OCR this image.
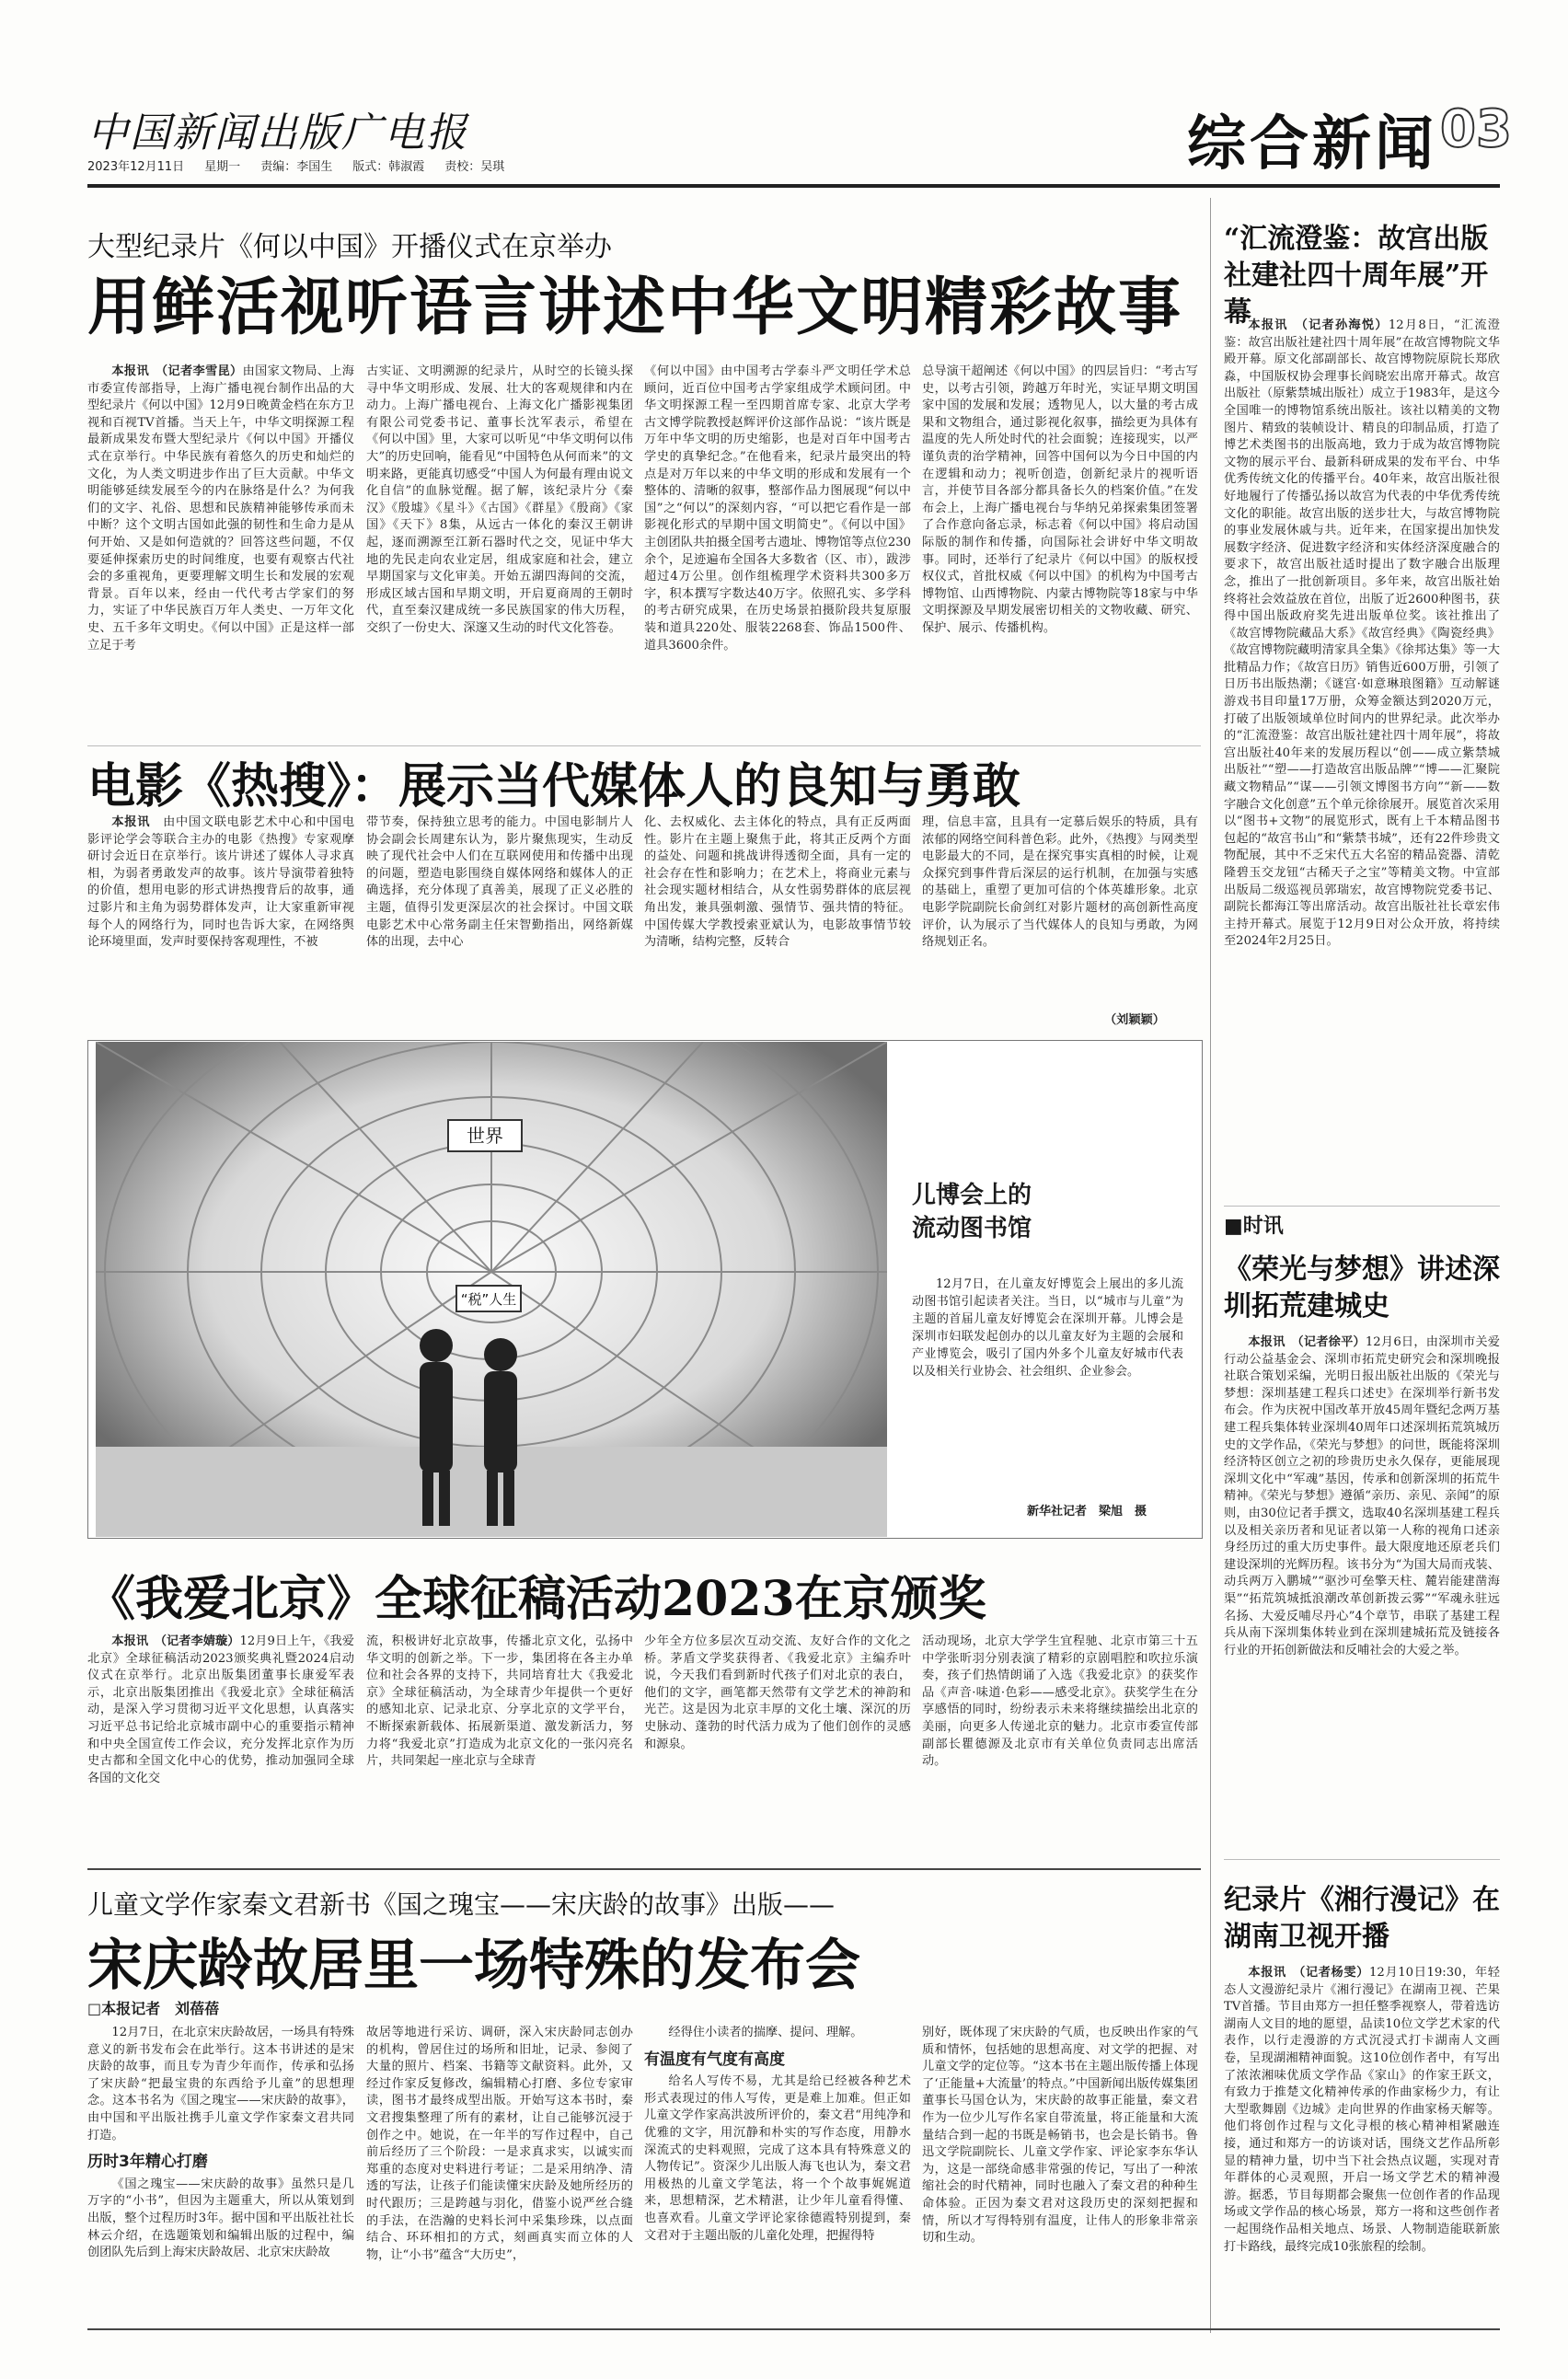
中国新闻出版广电报
2023年12月11日 星期一 责编：李国生 版式：韩淑霞 责校：吴琪	综合新闻 03
大型纪录片《何以中国》开播仪式在京举办
用鲜活视听语言讲述中华文明精彩故事

本报讯　（记者李雪昆）由国家文物局、上海市委宣传部指导，上海广播电视台制作出品的大型纪录片《何以中国》12月9日晚黄金档在东方卫视和百视TV首播。当天上午，中华文明探源工程最新成果发布暨大型纪录片《何以中国》开播仪式在京举行。中华民族有着悠久的历史和灿烂的文化，为人类文明进步作出了巨大贡献。中华文明能够延续发展至今的内在脉络是什么？为何我们的文字、礼俗、思想和民族精神能够传承而未中断？这个文明古国如此强的韧性和生命力是从何开始、又是如何造就的？回答这些问题，不仅要延伸探索历史的时间维度，也要有观察古代社会的多重视角，更要理解文明生长和发展的宏观背景。百年以来，经由一代代考古学家们的努力，实证了中华民族百万年人类史、一万年文化史、五千多年文明史。《何以中国》正是这样一部立足于考

古实证、文明溯源的纪录片，从时空的长镜头探寻中华文明形成、发展、壮大的客观规律和内在动力。上海广播电视台、上海文化广播影视集团有限公司党委书记、董事长沈军表示，希望在《何以中国》里，大家可以听见“中华文明何以伟大”的历史回响，能看见“中国特色从何而来”的文明来路，更能真切感受“中国人为何最有理由说文化自信”的血脉觉醒。据了解，该纪录片分《秦汉》《殷墟》《星斗》《古国》《群星》《殷商》《家国》《天下》8集，从远古一体化的秦汉王朝讲起，逐而溯源至江新石器时代之交，见证中华大地的先民走向农业定居，组成家庭和社会，建立早期国家与文化审美。开始五湖四海间的交流，形成区域古国和早期文明，开启夏商周的王朝时代，直至秦汉建成统一多民族国家的伟大历程，交织了一份史大、深邃又生动的时代文化答卷。
《何以中国》由中国考古学泰斗严文明任学术总顾问，近百位中国考古学家组成学术顾问团。中华文明探源工程一至四期首席专家、北京大学考古文博学院教授赵辉评价这部作品说：“该片既是万年中华文明的历史缩影，也是对百年中国考古学史的真挚纪念。”在他看来，纪录片最突出的特点是对万年以来的中华文明的形成和发展有一个整体的、清晰的叙事，整部作品力图展现“何以中国”之“何以”的深刻内容，“可以把它看作是一部影视化形式的早期中国文明简史”。《何以中国》主创团队共拍摄全国考古遗址、博物馆等点位230余个，足迹遍布全国各大多数省（区、市），跋涉超过4万公里。创作组梳理学术资料共300多万字，积本撰写字数达40万字。依照孔实、多学科的考古研究成果，在历史场景拍摄阶段共复原服装和道具220处、服装2268套、饰品1500件、道具3600余件。
总导演干超阐述《何以中国》的四层旨归：“考古写史，以考古引领，跨越万年时光，实证早期文明国家中国的发展和发展；透物见人，以大量的考古成果和文物组合，通过影视化叙事，描绘更为具体有温度的先人所处时代的社会面貌；连接现实，以严谨负责的治学精神，回答中国何以为今日中国的内在逻辑和动力；视听创造，创新纪录片的视听语言，并使节目各部分都具备长久的档案价值。”在发布会上，上海广播电视台与华纳兄弟探索集团签署了合作意向备忘录，标志着《何以中国》将启动国际版的制作和传播，向国际社会讲好中华文明故事。同时，还举行了纪录片《何以中国》的版权授权仪式，首批权威《何以中国》的机构为中国考古博物馆、山西博物院、内蒙古博物院等18家与中华文明探源及早期发展密切相关的文物收藏、研究、保护、展示、传播机构。
电影《热搜》：展示当代媒体人的良知与勇敢

本报讯　 由中国文联电影艺术中心和中国电影评论学会等联合主办的电影《热搜》专家观摩研讨会近日在京举行。该片讲述了媒体人寻求真相，为弱者勇敢发声的故事。该片导演带着独特的价值，想用电影的形式讲热搜背后的故事，通过影片和主角为弱势群体发声，让大家重新审视每个人的网络行为，同时也告诉大家，在网络舆论环境里面，发声时要保持客观理性，不被

带节奏，保持独立思考的能力。中国电影制片人协会副会长周建东认为，影片聚焦现实，生动反映了现代社会中人们在互联网使用和传播中出现的问题，塑造电影围绕自媒体网络和媒体人的正确选择，充分体现了真善美，展现了正义必胜的主题，值得引发更深层次的社会探讨。中国文联电影艺术中心常务副主任宋智勤指出，网络新媒体的出现，去中心
化、去权威化、去主体化的特点，具有正反两面性。影片在主题上聚焦于此，将其正反两个方面的益处、问题和挑战讲得透彻全面，具有一定的社会存在性和影响力；在艺术上，将商业元素与社会现实题材相结合，从女性弱势群体的底层视角出发，兼具强刺激、强情节、强共情的特征。中国传媒大学教授索亚斌认为，电影故事情节较为清晰，结构完整，反转合
理，信息丰富，且具有一定慕后娱乐的特质，具有浓郁的网络空间科普色彩。此外，《热搜》与网类型电影最大的不同，是在探究事实真相的时候，让观众探究到事件背后深层的运行机制，在加强与实感的基础上，重塑了更加可信的个体英雄形象。北京电影学院副院长俞剑红对影片题材的高创新性高度评价，认为展示了当代媒体人的良知与勇敢，为网络规划正名。
（刘颖颖）
世界
“税”人生
儿博会上的流动图书馆
12月7日，在儿童友好博览会上展出的多儿流动图书馆引起读者关注。当日，以“城市与儿童”为主题的首届儿童友好博览会在深圳开幕。儿博会是深圳市妇联发起创办的以儿童友好为主题的会展和产业博览会，吸引了国内外多个儿童友好城市代表以及相关行业协会、社会组织、企业参会。
新华社记者　梁旭　摄
《我爱北京》全球征稿活动2023在京颁奖

本报讯　（记者李婧璇）12月9日上午，《我爱北京》全球征稿活动2023颁奖典礼暨2024启动仪式在京举行。北京出版集团董事长康爱军表示，北京出版集团推出《我爱北京》全球征稿活动，是深入学习贯彻习近平文化思想，认真落实习近平总书记给北京城市副中心的重要指示精神和中央全国宣传工作会议，充分发挥北京作为历史古都和全国文化中心的优势，推动加强同全球各国的文化交

流，积极讲好北京故事，传播北京文化，弘扬中华文明的创新之举。下一步，集团将在各主办单位和社会各界的支持下，共同培育壮大《我爱北京》全球征稿活动，为全球青少年提供一个更好的感知北京、记录北京、分享北京的文学平台，不断探索新载体、拓展新渠道、激发新活力，努力将“我爱北京”打造成为北京文化的一张闪亮名片，共同架起一座北京与全球青
少年全方位多层次互动交流、友好合作的文化之桥。茅盾文学奖获得者、《我爱北京》主编乔叶说，今天我们看到新时代孩子们对北京的表白，他们的文字，画笔都天然带有文学艺术的神韵和光芒。这是因为北京丰厚的文化土壤、深沉的历史脉动、蓬勃的时代活力成为了他们创作的灵感和源泉。
活动现场，北京大学学生宜程驰、北京市第三十五中学张昕羽分别表演了精彩的京剧唱腔和吹拉乐演奏，孩子们热情朗诵了入选《我爱北京》的获奖作品《声音·味道·色彩——感受北京》。获奖学生在分享感悟的同时，纷纷表示未来将继续描绘出北京的美丽，向更多人传递北京的魅力。北京市委宣传部副部长瞿德源及北京市有关单位负责同志出席活动。
儿童文学作家秦文君新书《国之瑰宝——宋庆龄的故事》出版——
宋庆龄故居里一场特殊的发布会
□本报记者　刘蓓蓓

12月7日，在北京宋庆龄故居，一场具有特殊意义的新书发布会在此举行。这本书讲述的是宋庆龄的故事，而且专为青少年而作，传承和弘扬了宋庆龄“把最宝贵的东西给予儿童”的思想理念。这本书名为《国之瑰宝——宋庆龄的故事》，由中国和平出版社携手儿童文学作家秦文君共同打造。

历时3年精心打磨

《国之瑰宝——宋庆龄的故事》虽然只是几万字的“小书”，但因为主题重大，所以从策划到出版，整个过程历时3年。据中国和平出版社社长林云介绍，在选题策划和编辑出版的过程中，编创团队先后到上海宋庆龄故居、北京宋庆龄故

故居等地进行采访、调研，深入宋庆龄同志创办的机构，曾居住过的场所和旧址，记录、参阅了大量的照片、档案、书籍等文献资料。此外，又经过作家反复修改，编辑精心打磨、多位专家审读，图书才最终成型出版。开始写这本书时，秦文君搜集整理了所有的素材，让自己能够沉浸于创作之中。她说，在一年半的写作过程中，自己前后经历了三个阶段：一是求真求实，以诚实而郑重的态度对史料进行考证；二是采用纳净、清透的写法，让孩子们能读懂宋庆龄及她所经历的时代跟历；三是跨越与羽化，借鉴小说严丝合缝的手法，在浩瀚的史料长河中采集珍珠，以点面结合、环环相扣的方式，刻画真实而立体的人物，让“小书”蕴含“大历史”，

经得住小读者的揣摩、提问、理解。

有温度有气度有高度

给名人写传不易，尤其是给已经被各种艺术形式表现过的伟人写传，更是难上加难。但正如儿童文学作家高洪波所评价的，秦文君“用纯净和优雅的文字，用沉静和朴实的写作态度，用静水深流式的史料观照，完成了这本具有特殊意义的人物传记”。资深少儿出版人海飞也认为，秦文君用极热的儿童文学笔法，将一个个故事娓娓道来，思想精深，艺术精湛，让少年儿童看得懂、也喜欢看。儿童文学评论家徐德霞特别提到，秦文君对于主题出版的儿童化处理，把握得特

别好，既体现了宋庆龄的气质，也反映出作家的气质和情怀，包括她的思想高度、对文学的把握、对儿童文学的定位等。“这本书在主题出版传播上体现了‘正能量+大流量’的特点。”中国新闻出版传媒集团董事长马国仓认为，宋庆龄的故事正能量，秦文君作为一位少儿写作名家自带流量，将正能量和大流量结合到一起的书既是畅销书，也会是长销书。鲁迅文学院副院长、儿童文学作家、评论家李东华认为，这是一部绕命感非常强的传记，写出了一种浓缩社会的时代精神，同时也融入了秦文君的种种生命体验。正因为秦文君对这段历史的深刻把握和情，所以才写得特别有温度，让伟人的形象非常亲切和生动。
“汇流澄鉴：故宫出版社建社四十周年展”开幕

本报讯　（记者孙海悦）12月8日，“汇流澄鉴：故宫出版社建社四十周年展”在故宫博物院文华殿开幕。原文化部副部长、故宫博物院原院长郑欣淼，中国版权协会理事长阎晓宏出席开幕式。故宫出版社（原紫禁城出版社）成立于1983年，是这今全国唯一的博物馆系统出版社。该社以精美的文物图片、精致的装帧设计、精良的印制品质，打造了博艺术类图书的出版高地，致力于成为故宫博物院文物的展示平台、最新科研成果的发布平台、中华优秀传统文化的传播平台。40年来，故宫出版社很好地履行了传播弘扬以故宫为代表的中华优秀传统文化的职能。故宫出版的送步壮大，与故宫博物院的事业发展休戚与共。近年来，在国家提出加快发展数字经济、促进数字经济和实体经济深度融合的要求下，故宫出版社适时提出了数字融合出版理念，推出了一批创新项目。多年来，故宫出版社始终将社会效益放在首位，出版了近2600种图书，获得中国出版政府奖先进出版单位奖。该社推出了《故宫博物院藏品大系》《故宫经典》《陶瓷经典》《故宫博物院藏明清家具全集》《徐邦达集》等一大批精品力作；《故宫日历》销售近600万册，引领了日历书出版热潮；《谜宫·如意琳琅图籍》互动解谜游戏书目印量17万册，众筹金额达到2020万元，打破了出版领域单位时间内的世界纪录。此次举办的“汇流澄鉴：故宫出版社建社四十周年展”，将故宫出版社40年来的发展历程以“创——成立紫禁城出版社”“塑——打造故宫出版品牌”“博——汇聚院藏文物精品”“谋——引领文博图书方向”“新——数字融合文化创意”五个单元徐徐展开。展览首次采用以“图书+文物”的展览形式，既有上千本精品图书包起的“故宫书山”和“紫禁书城”，还有22件珍贵文物配展，其中不乏宋代五大名窑的精品瓷器、清乾隆碧玉交龙钮“古稀天子之宝”等精美文物。中宣部出版局二级巡视员郭瑞宏，故宫博物院党委书记、副院长都海江等出席活动。故宫出版社社长章宏伟主持开幕式。展览于12月9日对公众开放，将持续至2024年2月25日。

■时讯
《荣光与梦想》讲述深圳拓荒建城史

本报讯　（记者徐平）12月6日，由深圳市关爱行动公益基金会、深圳市拓荒史研究会和深圳晚报社联合策划采编，光明日报出版社出版的《荣光与梦想：深圳基建工程兵口述史》在深圳举行新书发布会。作为庆祝中国改革开放45周年暨纪念两万基建工程兵集体转业深圳40周年口述深圳拓荒筑城历史的文学作品，《荣光与梦想》的问世，既能将深圳经济特区创立之初的珍贵历史永久保存，更能展现深圳文化中“军魂”基因，传承和创新深圳的拓荒牛精神。《荣光与梦想》遵循“亲历、亲见、亲闻”的原则，由30位记者手撰文，选取40名深圳基建工程兵以及相关亲历者和见证者以第一人称的视角口述亲身经历过的重大历史事件。最大限度地还原老兵们建设深圳的光辉历程。该书分为“为国大局而戎装、动兵两万入鹏城”“驱沙可垒擎天柱、麓岩能建凿海渠”“拓荒筑城抵浪潮改革创新拨云雾”“军魂永驻远名扬、大爱反哺尽丹心”4个章节，串联了基建工程兵从南下深圳集体转业到在深圳建城拓荒及链接各行业的开拓创新做法和反哺社会的大爱之举。

纪录片《湘行漫记》在湖南卫视开播

本报讯　（记者杨雯）12月10日19:30，年轻态人文漫游纪录片《湘行漫记》在湖南卫视、芒果TV首播。节目由郑方一担任整季视察人，带着选访湖南人文目的地的愿望，品读10位文学艺术家的代表作，以行走漫游的方式沉浸式打卡湖南人文画卷，呈现湖湘精神面貌。这10位创作者中，有写出了浓浓湘味优质文学作品《家山》的作家王跃文，有致力于推楚文化精神传承的作曲家杨少力，有让大型歌舞剧《边城》走向世界的作曲家杨天解等。他们将创作过程与文化寻根的核心精神相紧融连接，通过和郑方一的访谈对话，围绕文艺作品所彰显的精神力量，切中当下社会热点议题，实现对青年群体的心灵观照，开启一场文学艺术的精神漫游。据悉，节目每期都会聚焦一位创作者的作品现场或文学作品的核心场景，郑方一将和这些创作者一起围绕作品相关地点、场景、人物制造能联新旅打卡路线，最终完成10张旅程的绘制。
